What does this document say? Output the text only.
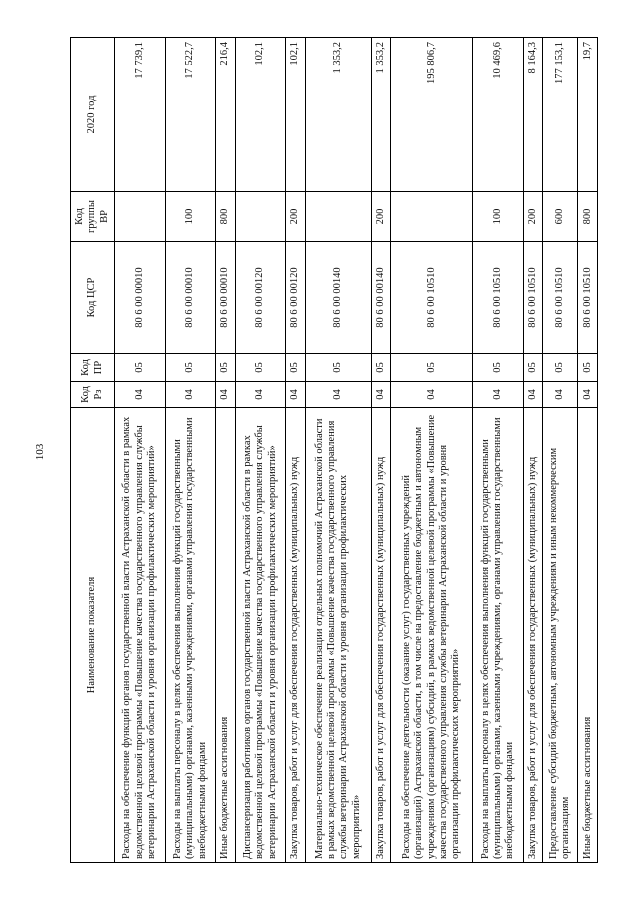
103
Наименование показателя	Код Рз	Код ПР	Код ЦСР	Код группы ВР	2020 год
Расходы на обеспечение функций органов государственной власти Астраханской области в рамках ведомственной целевой программы «Повышение качества государственного управления службы ветеринарии Астраханской области и уровня организации профилактических мероприятий»	04	05	80 6 00 00010		17 739,1
Расходы на выплаты персоналу в целях обеспечения выполнения функций государственными (муниципальными) органами, казенными учреждениями, органами управления государственными внебюджетными фондами	04	05	80 6 00 00010	100	17 522,7
Иные бюджетные ассигнования	04	05	80 6 00 00010	800	216,4
Диспансеризация работников органов государственной власти Астраханской области в рамках ведомственной целевой программы «Повышение качества государственного управления службы ветеринарии Астраханской области и уровня организации профилактических мероприятий»	04	05	80 6 00 00120		102,1
Закупка товаров, работ и услуг для обеспечения государственных (муниципальных) нужд	04	05	80 6 00 00120	200	102,1
Материально-техническое обеспечение реализации отдельных полномочий Астраханской области в рамках ведомственной целевой программы «Повышение качества государственного управления службы ветеринарии Астраханской области и уровня организации профилактических мероприятий»	04	05	80 6 00 00140		1 353,2
Закупка товаров, работ и услуг для обеспечения государственных (муниципальных) нужд	04	05	80 6 00 00140	200	1 353,2
Расходы на обеспечение деятельности (оказание услуг) государственных учреждений (организаций) Астраханской области, в том числе на предоставление бюджетным и автономным учреждениям (организациям) субсидий, в рамках ведомственной целевой программы «Повышение качества государственного управления службы ветеринарии Астраханской области и уровня организации профилактических мероприятий»	04	05	80 6 00 10510		195 806,7
Расходы на выплаты персоналу в целях обеспечения выполнения функций государственными (муниципальными) органами, казенными учреждениями, органами управления государственными внебюджетными фондами	04	05	80 6 00 10510	100	10 469,6
Закупка товаров, работ и услуг для обеспечения государственных (муниципальных) нужд	04	05	80 6 00 10510	200	8 164,3
Предоставление субсидий бюджетным, автономным учреждениям и иным некоммерческим организациям	04	05	80 6 00 10510	600	177 153,1
Иные бюджетные ассигнования	04	05	80 6 00 10510	800	19,7
